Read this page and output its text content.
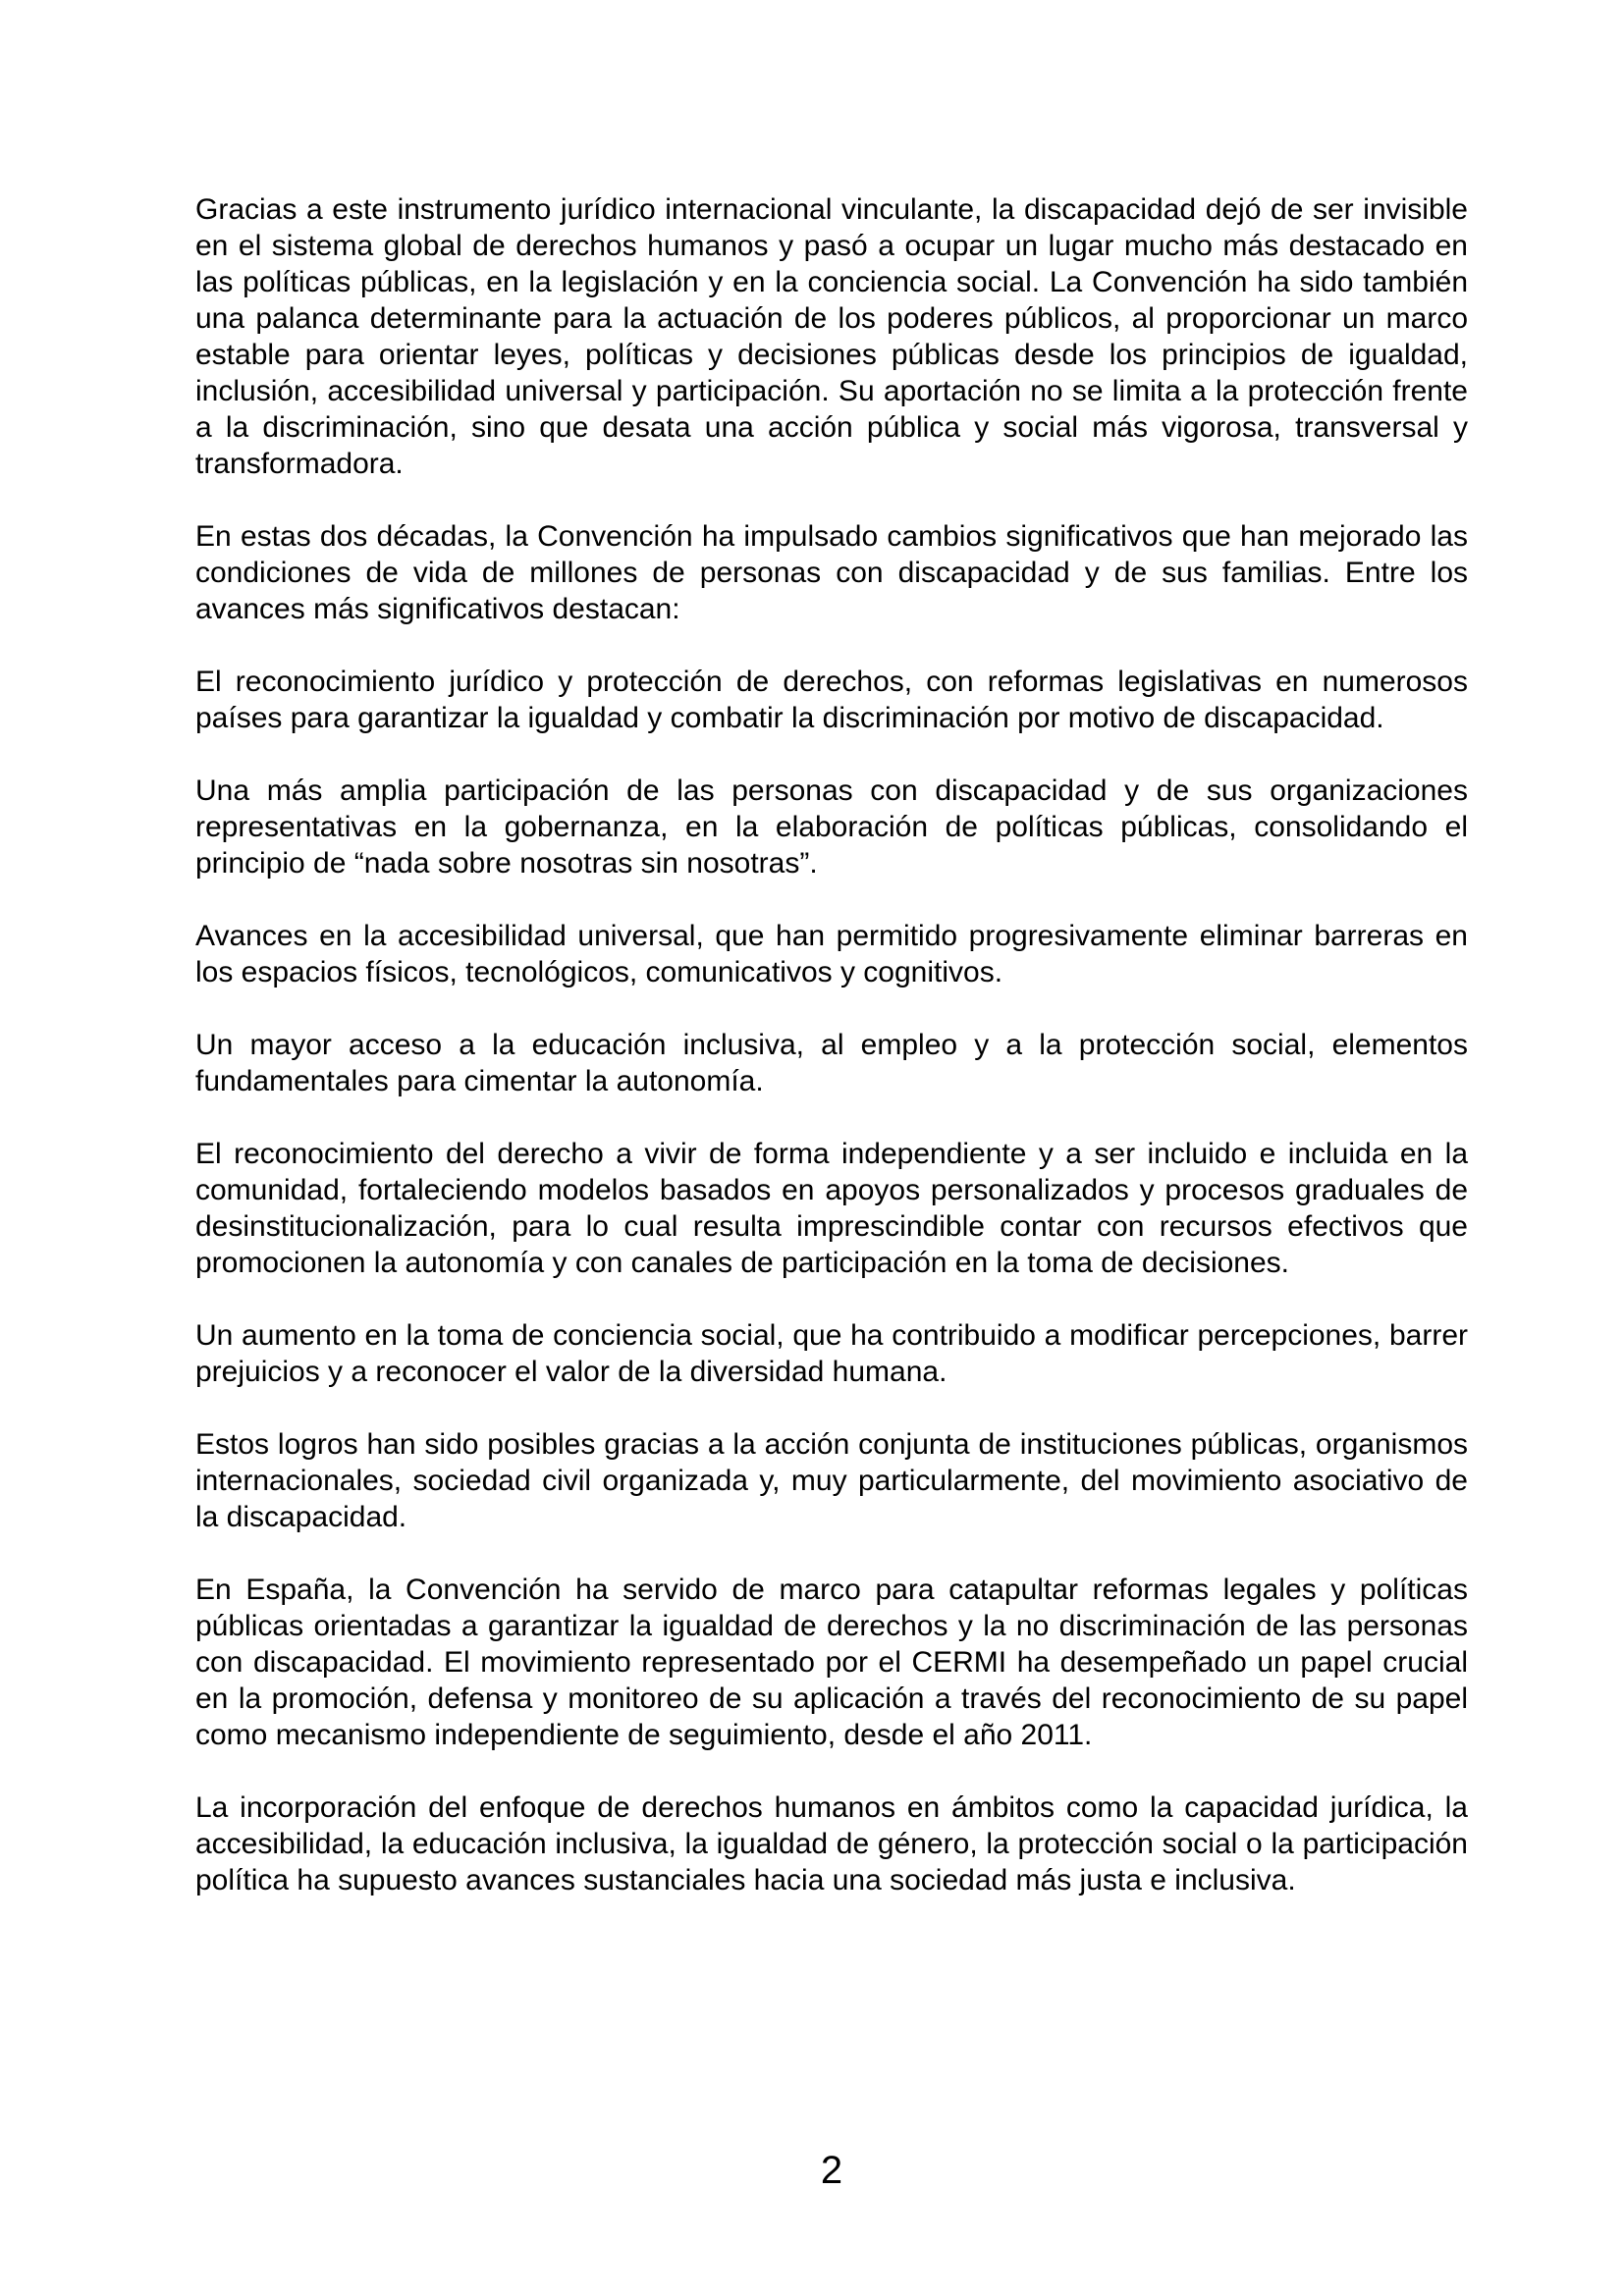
Gracias a este instrumento jurídico internacional vinculante, la discapacidad dejó de ser invisible en el sistema global de derechos humanos y pasó a ocupar un lugar mucho más destacado en las políticas públicas, en la legislación y en la conciencia social. La Convención ha sido también una palanca determinante para la actuación de los poderes públicos, al proporcionar un marco estable para orientar leyes, políticas y decisiones públicas desde los principios de igualdad, inclusión, accesibilidad universal y participación. Su aportación no se limita a la protección frente a la discriminación, sino que desata una acción pública y social más vigorosa, transversal y transformadora.

En estas dos décadas, la Convención ha impulsado cambios significativos que han mejorado las condiciones de vida de millones de personas con discapacidad y de sus familias. Entre los avances más significativos destacan:

El reconocimiento jurídico y protección de derechos, con reformas legislativas en numerosos países para garantizar la igualdad y combatir la discriminación por motivo de discapacidad.

Una más amplia participación de las personas con discapacidad y de sus organizaciones representativas en la gobernanza, en la elaboración de políticas públicas, consolidando el principio de “nada sobre nosotras sin nosotras”.

Avances en la accesibilidad universal, que han permitido progresivamente eliminar barreras en los espacios físicos, tecnológicos, comunicativos y cognitivos.

Un mayor acceso a la educación inclusiva, al empleo y a la protección social, elementos fundamentales para cimentar la autonomía.

El reconocimiento del derecho a vivir de forma independiente y a ser incluido e incluida en la comunidad, fortaleciendo modelos basados en apoyos personalizados y procesos graduales de desinstitucionalización, para lo cual resulta imprescindible contar con recursos efectivos que promocionen la autonomía y con canales de participación en la toma de decisiones.

Un aumento en la toma de conciencia social, que ha contribuido a modificar percepciones, barrer prejuicios y a reconocer el valor de la diversidad humana.

Estos logros han sido posibles gracias a la acción conjunta de instituciones públicas, organismos internacionales, sociedad civil organizada y, muy particularmente, del movimiento asociativo de la discapacidad.

En España, la Convención ha servido de marco para catapultar reformas legales y políticas públicas orientadas a garantizar la igualdad de derechos y la no discriminación de las personas con discapacidad. El movimiento representado por el CERMI ha desempeñado un papel crucial en la promoción, defensa y monitoreo de su aplicación a través del reconocimiento de su papel como mecanismo independiente de seguimiento, desde el año 2011.

La incorporación del enfoque de derechos humanos en ámbitos como la capacidad jurídica, la accesibilidad, la educación inclusiva, la igualdad de género, la protección social o la participación política ha supuesto avances sustanciales hacia una sociedad más justa e inclusiva.

2
